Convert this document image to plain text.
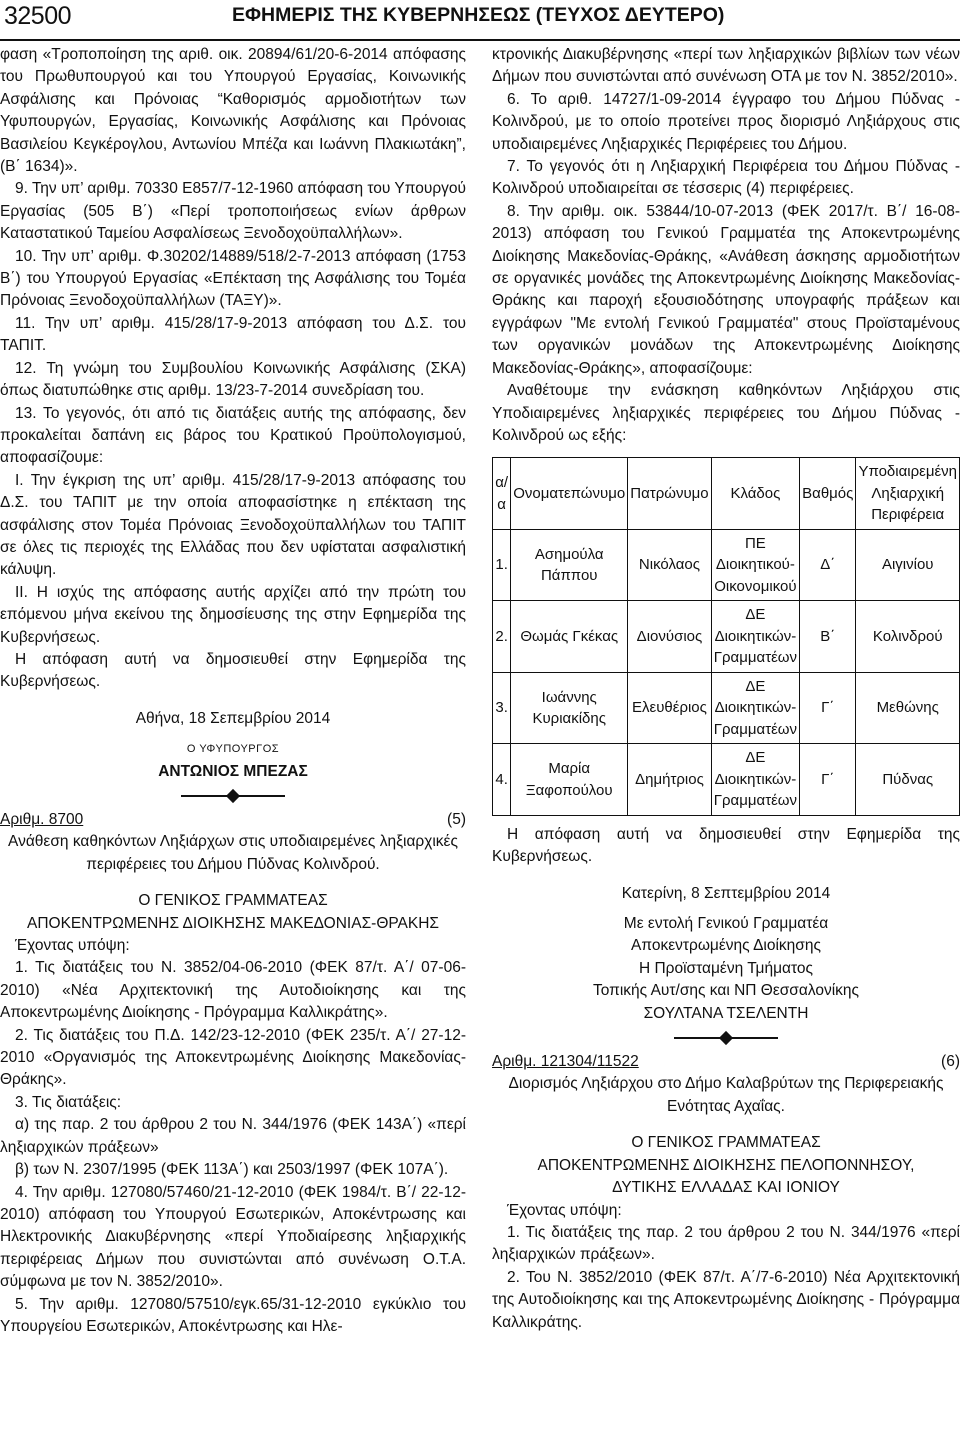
32500	ΕΦΗΜΕΡΙΣ ΤΗΣ ΚΥΒΕΡΝΗΣΕΩΣ (ΤΕΥΧΟΣ ΔΕΥΤΕΡΟ)

φαση «Τροποποίηση της αριθ. οικ. 20894/61/20-6-2014 απόφασης του Πρωθυπουργού και του Υπουργού Εργασίας, Κοινωνικής Ασφάλισης και Πρόνοιας “Καθορισμός αρμοδιοτήτων των Υφυπουργών, Εργασίας, Κοινωνικής Ασφάλισης και Πρόνοιας Βασιλείου Κεγκέρογλου, Αντωνίου Μπέζα και Ιωάννη Πλακιωτάκη”, (Β΄ 1634)».

9. Την υπ’ αριθμ. 70330 Ε857/7-12-1960 απόφαση του Υπουργού Εργασίας (505 Β΄) «Περί τροποποιήσεως ενίων άρθρων Καταστατικού Ταμείου Ασφαλίσεως Ξενοδοχοϋπαλλήλων».

10. Την υπ’ αριθμ. Φ.30202/14889/518/2-7-2013 απόφαση (1753 Β΄) του Υπουργού Εργασίας «Επέκταση της Ασφάλισης του Τομέα Πρόνοιας Ξενοδοχοϋπαλλήλων (ΤΑΞΥ)».

11. Την υπ’ αριθμ. 415/28/17-9-2013 απόφαση του Δ.Σ. του ΤΑΠΙΤ.

12. Τη γνώμη του Συμβουλίου Κοινωνικής Ασφάλισης (ΣΚΑ) όπως διατυπώθηκε στις αριθμ. 13/23-7-2014 συνεδρίαση του.

13. Το γεγονός, ότι από τις διατάξεις αυτής της απόφασης, δεν προκαλείται δαπάνη εις βάρος του Κρατικού Προϋπολογισμού, αποφασίζουμε:

Ι. Την έγκριση της υπ’ αριθμ. 415/28/17-9-2013 απόφασης του Δ.Σ. του ΤΑΠΙΤ με την οποία αποφασίστηκε η επέκταση της ασφάλισης στον Τομέα Πρόνοιας Ξενοδοχοϋπαλλήλων του ΤΑΠΙΤ σε όλες τις περιοχές της Ελλάδας που δεν υφίσταται ασφαλιστική κάλυψη.

ΙΙ. Η ισχύς της απόφασης αυτής αρχίζει από την πρώτη του επόμενου μήνα εκείνου της δημοσίευσης της στην Εφημερίδα της Κυβερνήσεως.

Η απόφαση αυτή να δημοσιευθεί στην Εφημερίδα της Κυβερνήσεως.

Αθήνα, 18 Σεπεμβρίου 2014

Ο ΥΦΥΠΟΥΡΓΟΣ

ΑΝΤΩΝΙΟΣ ΜΠΕΖΑΣ

Αριθμ. 8700	(5)

Ανάθεση καθηκόντων Ληξιάρχων στις υποδιαιρεμένες ληξιαρχικές περιφέρειες του Δήμου Πύδνας Κολινδρού.

Ο ΓΕΝΙΚΟΣ ΓΡΑΜΜΑΤΕΑΣ

ΑΠΟΚΕΝΤΡΩΜΕΝΗΣ ΔΙΟΙΚΗΣΗΣ ΜΑΚΕΔΟΝΙΑΣ-ΘΡΑΚΗΣ

Έχοντας υπόψη:

1. Τις διατάξεις του Ν. 3852/04-06-2010 (ΦΕΚ 87/τ. Α΄/ 07-06-2010) «Νέα Αρχιτεκτονική της Αυτοδιοίκησης και της Αποκεντρωμένης Διοίκησης - Πρόγραμμα Καλλικράτης».

2. Τις διατάξεις του Π.Δ. 142/23-12-2010 (ΦΕΚ 235/τ. Α΄/ 27-12-2010 «Οργανισμός της Αποκεντρωμένης Διοίκησης Μακεδονίας-Θράκης».

3. Τις διατάξεις:

α) της παρ. 2 του άρθρου 2 του Ν. 344/1976 (ΦΕΚ 143Α΄) «περί ληξιαρχικών πράξεων»

β) των Ν. 2307/1995 (ΦΕΚ 113Α΄) και 2503/1997 (ΦΕΚ 107Α΄).

4. Την αριθμ. 127080/57460/21-12-2010 (ΦΕΚ 1984/τ. Β΄/ 22-12-2010) απόφαση του Υπουργού Εσωτερικών, Αποκέντρωσης και Ηλεκτρονικής Διακυβέρνησης «περί Υποδιαίρεσης ληξιαρχικής περιφέρειας Δήμων που συνιστώνται από συνένωση Ο.Τ.Α. σύμφωνα με τον Ν. 3852/2010».

5. Την αριθμ. 127080/57510/εγκ.65/31-12-2010 εγκύκλιο του Υπουργείου Εσωτερικών, Αποκέντρωσης και Ηλε-

κτρονικής Διακυβέρνησης «περί των ληξιαρχικών βιβλίων των νέων Δήμων που συνιστώνται από συνένωση ΟΤΑ με τον Ν. 3852/2010».

6. Το αριθ. 14727/1-09-2014 έγγραφο του Δήμου Πύδνας - Κολινδρού, με το οποίο προτείνει προς διορισμό Ληξιάρχους στις υποδιαιρεμένες Ληξιαρχικές Περιφέρειες του Δήμου.

7. Το γεγονός ότι η Ληξιαρχική Περιφέρεια του Δήμου Πύδνας - Κολινδρού υποδιαιρείται σε τέσσερις (4) περιφέρειες.

8. Την αριθμ. οικ. 53844/10-07-2013 (ΦΕΚ 2017/τ. Β΄/ 16-08-2013) απόφαση του Γενικού Γραμματέα της Αποκεντρωμένης Διοίκησης Μακεδονίας-Θράκης, «Ανάθεση άσκησης αρμοδιοτήτων σε οργανικές μονάδες της Αποκεντρωμένης Διοίκησης Μακεδονίας-Θράκης και παροχή εξουσιοδότησης υπογραφής πράξεων και εγγράφων "Με εντολή Γενικού Γραμματέα" στους Προϊσταμένους των οργανικών μονάδων της Αποκεντρωμένης Διοίκησης Μακεδονίας-Θράκης», αποφασίζουμε:

Αναθέτουμε την ενάσκηση καθηκόντων Ληξιάρχου στις Υποδιαιρεμένες ληξιαρχικές περιφέρειες του Δήμου Πύδνας - Κολινδρού ως εξής:

α/α	Ονοματεπώνυμο	Πατρώνυμο	Κλάδος	Βαθμός	Υποδιαιρεμένη Ληξιαρχική Περιφέρεια
1.	Ασημούλα Πάππου	Νικόλαος	ΠΕ Διοικητικού-Οικονομικού	Δ΄	Αιγινίου
2.	Θωμάς Γκέκας	Διονύσιος	ΔΕ Διοικητικών-Γραμματέων	Β΄	Κολινδρού
3.	Ιωάννης Κυριακίδης	Ελευθέριος	ΔΕ Διοικητικών-Γραμματέων	Γ΄	Μεθώνης
4.	Μαρία Ξαφοπούλου	Δημήτριος	ΔΕ Διοικητικών-Γραμματέων	Γ΄	Πύδνας

Η απόφαση αυτή να δημοσιευθεί στην Εφημερίδα της Κυβερνήσεως.

Κατερίνη, 8 Σεπτεμβρίου 2014

Με εντολή Γενικού Γραμματέα

Αποκεντρωμένης Διοίκησης

Η Προϊσταμένη Τμήματος

Τοπικής Αυτ/σης και ΝΠ Θεσσαλονίκης

ΣΟΥΛΤΑΝΑ ΤΣΕΛΕΝΤΗ

Αριθμ. 121304/11522	(6)

Διορισμός Ληξιάρχου στο Δήμο Καλαβρύτων της Περιφερειακής Ενότητας Αχαΐας.

Ο ΓΕΝΙΚΟΣ ΓΡΑΜΜΑΤΕΑΣ

ΑΠΟΚΕΝΤΡΩΜΕΝΗΣ ΔΙΟΙΚΗΣΗΣ ΠΕΛΟΠΟΝΝΗΣΟΥ,

ΔΥΤΙΚΗΣ ΕΛΛΑΔΑΣ ΚΑΙ ΙΟΝΙΟΥ

Έχοντας υπόψη:

1. Τις διατάξεις της παρ. 2 του άρθρου 2 του Ν. 344/1976 «περί ληξιαρχικών πράξεων».

2. Του Ν. 3852/2010 (ΦΕΚ 87/τ. Α΄/7-6-2010) Νέα Αρχιτεκτονική της Αυτοδιοίκησης και της Αποκεντρωμένης Διοίκησης - Πρόγραμμα Καλλικράτης.
